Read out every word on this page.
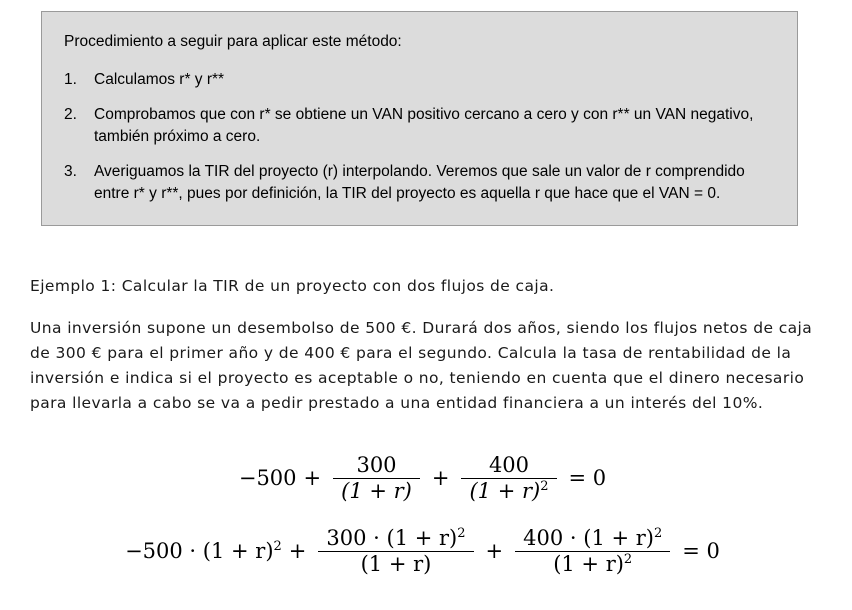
Procedimiento a seguir para aplicar este método:

1.	Calculamos r* y r**
2.	Comprobamos que con r* se obtiene un VAN positivo cercano a cero y con r** un VAN negativo, también próximo a cero.
3.	Averiguamos la TIR del proyecto (r) interpolando. Veremos que sale un valor de r comprendido entre r* y r**, pues por definición, la TIR del proyecto es aquella r que hace que el VAN = 0.
Ejemplo 1: Calcular la TIR de un proyecto con dos flujos de caja.
Una inversión supone un desembolso de 500 €. Durará dos años, siendo los flujos netos de caja de 300 € para el primer año y de 400 € para el segundo. Calcula la tasa de rentabilidad de la inversión e indica si el proyecto es aceptable o no, teniendo en cuenta que el dinero necesario para llevarla a cabo se va a pedir prestado a una entidad financiera a un interés del 10%.
$-500 + \frac{300}{(1 + r)} + \frac{400}{(1 + r)^2} = 0$
$-500 \cdot (1 + r)^2 + \frac{300 \cdot (1 + r)^2}{(1 + r)} + \frac{400 \cdot (1 + r)^2}{(1 + r)^2} = 0$
